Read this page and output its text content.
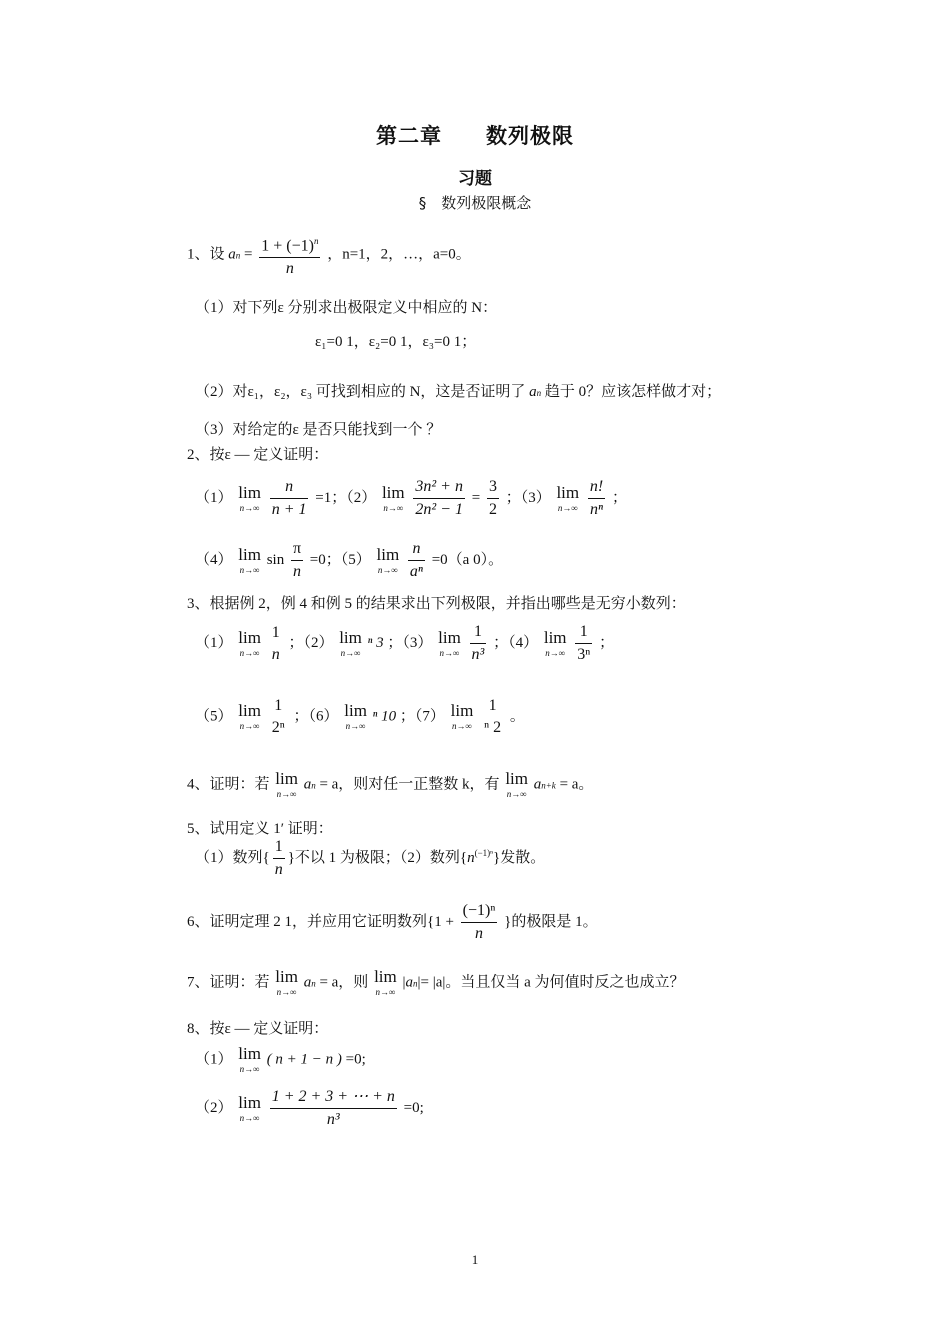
第二章　　数列极限
习题
§　数列极限概念
1、设 an = $\frac{1 + (-1)^n}{n}$ ，n=1，2，…，a=0。
（1）对下列ε 分别求出极限定义中相应的 N：
ε₁=0 1，ε₂=0 1，ε₃=0 1；
（2）对ε₁，ε₂，ε₃ 可找到相应的 N，这是否证明了 an 趋于 0？应该怎样做才对；
（3）对给定的ε 是否只能找到一个 ？
2、按ε — 定义证明：
（1） lim
n→∞
$\frac{n}{n + 1} =1$；（2） lim
n→∞
$\frac{\text{3n² + n}}{\text{2n² − 1}} = \frac{3}{2}$ ；（3） lim
n→∞
$\frac{n!}{\text{nⁿ}}$ ；
（4） lim
n→∞
$\sin \frac{\pi}{n} =0$；（5） lim
n→∞
$\frac{n}{\text{aⁿ}} =0(a$ 0）。
3、根据例 2，例 4 和例 5 的结果求出下列极限，并指出哪些是无穷小数列：
（1） lim
n→∞

1
n
；（2） lim
n→∞
ⁿ 3 ；（3） lim
n→∞
$\frac{1}{\text{n³}}$ ；（4） lim
n→∞
$\frac{1}{\text{3ⁿ}}$ ；
（5） lim
n→∞

1
2ⁿ
；（6） lim
n→∞
ⁿ 10 ；（7） lim
n→∞

1
ⁿ 2
。
4、证明：若 lim
n→∞
an = a，则对任一正整数 k，有 lim
n→∞
an+k = a。
5、试用定义 1′ 证明：
（1）数列{ $\frac{1}{n}$ }不以 1 为极限；（2）数列$\{n^{(-1)^n}\}$发散。
6、证明定理 2 1，并应用它证明数列{$1 + \frac{\text{(−1)ⁿ}}{n}$ }的极限是 1。
7、证明：若 lim
n→∞
an = a，则 lim
n→∞
|an|= |a|。当且仅当 a 为何值时反之也成立？
8、按ε — 定义证明：
（1） lim
n→∞
( n + 1 − n ) =0;
（2） lim
n→∞
$\frac{1 + 2 + 3 + \cdots + n}{\text{n³}} =0$;
1
